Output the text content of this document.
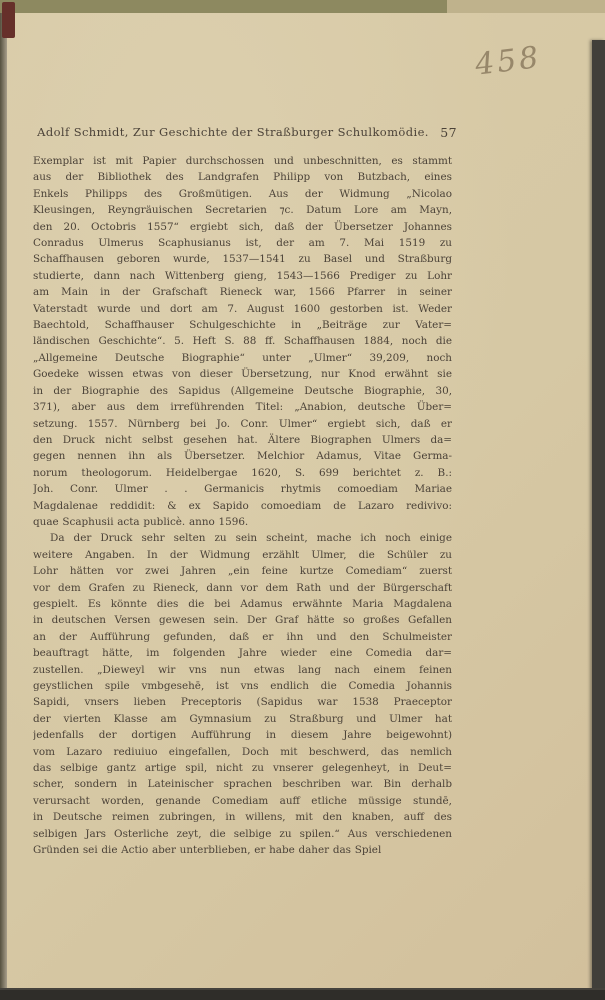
458
Adolf Schmidt, Zur Geschichte der Straßburger Schulkomödie. 57
Exemplar ist mit Papier durchschossen und unbeschnitten, es stammt
aus der Bibliothek des Landgrafen Philipp von Butzbach, eines
Enkels Philipps des Großmütigen. Aus der Widmung „Nicolao
Kleusingen, Reyngräuischen Secretarien ⁊c. Datum Lore am Mayn,
den 20. Octobris 1557“ ergiebt sich, daß der Übersetzer Johannes
Conradus Ulmerus Scaphusianus ist, der am 7. Mai 1519 zu
Schaffhausen geboren wurde, 1537—1541 zu Basel und Straßburg
studierte, dann nach Wittenberg gieng, 1543—1566 Prediger zu Lohr
am Main in der Grafschaft Rieneck war, 1566 Pfarrer in seiner
Vaterstadt wurde und dort am 7. August 1600 gestorben ist. Weder
Baechtold, Schaffhauser Schulgeschichte in „Beiträge zur Vater=
ländischen Geschichte“. 5. Heft S. 88 ff. Schaffhausen 1884, noch die
„Allgemeine Deutsche Biographie“ unter „Ulmer“ 39,209, noch
Goedeke wissen etwas von dieser Übersetzung, nur Knod erwähnt sie
in der Biographie des Sapidus (Allgemeine Deutsche Biographie, 30,
371), aber aus dem irreführenden Titel: „Anabion, deutsche Über=
setzung. 1557. Nürnberg bei Jo. Conr. Ulmer“ ergiebt sich, daß er
den Druck nicht selbst gesehen hat. Ältere Biographen Ulmers da=
gegen nennen ihn als Übersetzer. Melchior Adamus, Vitae Germa-
norum theologorum. Heidelbergae 1620, S. 699 berichtet z. B.:
Joh. Conr. Ulmer . . Germanicis rhytmis comoediam Mariae
Magdalenae reddidit: & ex Sapido comoediam de Lazaro redivivo:
quae Scaphusii acta publicè. anno 1596.
Da der Druck sehr selten zu sein scheint, mache ich noch einige
weitere Angaben. In der Widmung erzählt Ulmer, die Schüler zu
Lohr hätten vor zwei Jahren „ein feine kurtze Comediam“ zuerst
vor dem Grafen zu Rieneck, dann vor dem Rath und der Bürgerschaft
gespielt. Es könnte dies die bei Adamus erwähnte Maria Magdalena
in deutschen Versen gewesen sein. Der Graf hätte so großes Gefallen
an der Aufführung gefunden, daß er ihn und den Schulmeister
beauftragt hätte, im folgenden Jahre wieder eine Comedia dar=
zustellen. „Dieweyl wir vns nun etwas lang nach einem feinen
geystlichen spile vmbgesehē, ist vns endlich die Comedia Johannis
Sapidi, vnsers lieben Preceptoris (Sapidus war 1538 Praeceptor
der vierten Klasse am Gymnasium zu Straßburg und Ulmer hat
jedenfalls der dortigen Aufführung in diesem Jahre beigewohnt)
vom Lazaro rediuiuo eingefallen, Doch mit beschwerd, das nemlich
das selbige gantz artige spil, nicht zu vnserer gelegenheyt, in Deut=
scher, sondern in Lateinischer sprachen beschriben war. Bin derhalb
verursacht worden, genande Comediam auff etliche müssige stundē,
in Deutsche reimen zubringen, in willens, mit den knaben, auff des
selbigen Jars Osterliche zeyt, die selbige zu spilen.“ Aus verschiedenen
Gründen sei die Actio aber unterblieben, er habe daher das Spiel
